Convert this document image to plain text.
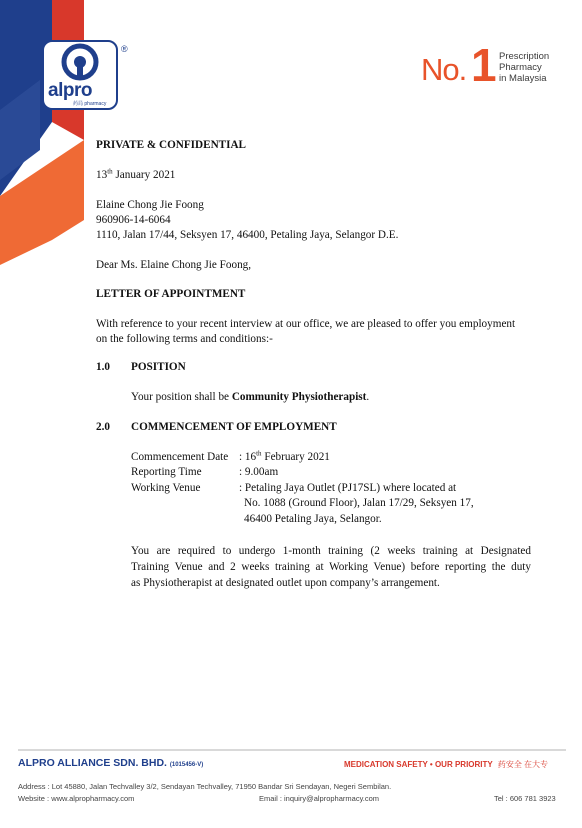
alpro
药局 pharmacy
®
No. 1 Prescription
Pharmacy
in Malaysia
PRIVATE & CONFIDENTIAL
13th January 2021
Elaine Chong Jie Foong
960906-14-6064
1110, Jalan 17/44, Seksyen 17, 46400, Petaling Jaya, Selangor D.E.
Dear Ms. Elaine Chong Jie Foong,
LETTER OF APPOINTMENT
With reference to your recent interview at our office, we are pleased to offer you employment
on the following terms and conditions:-
1.0 POSITION
Your position shall be Community Physiotherapist.
2.0 COMMENCEMENT OF EMPLOYMENT
Commencement Date : 16th February 2021
Reporting Time	: 9.00am
Working Venue	: Petaling Jaya Outlet (PJ17SL) where located at
No. 1088 (Ground Floor), Jalan 17/29, Seksyen 17,
46400 Petaling Jaya, Selangor.
You are required to undergo 1-month training (2 weeks training at Designated
Training Venue and 2 weeks training at Working Venue) before reporting the duty
as Physiotherapist at designated outlet upon company’s arrangement.
ALPRO ALLIANCE SDN. BHD. (1015456-V)	MEDICATION SAFETY • OUR PRIORITY 药安全 在大专
Address : Lot 45880, Jalan Techvalley 3/2, Sendayan Techvalley, 71950 Bandar Sri Sendayan, Negeri Sembilan.
Website : www.alpropharmacy.com	Email : inquiry@alpropharmacy.com	Tel : 606 781 3923
